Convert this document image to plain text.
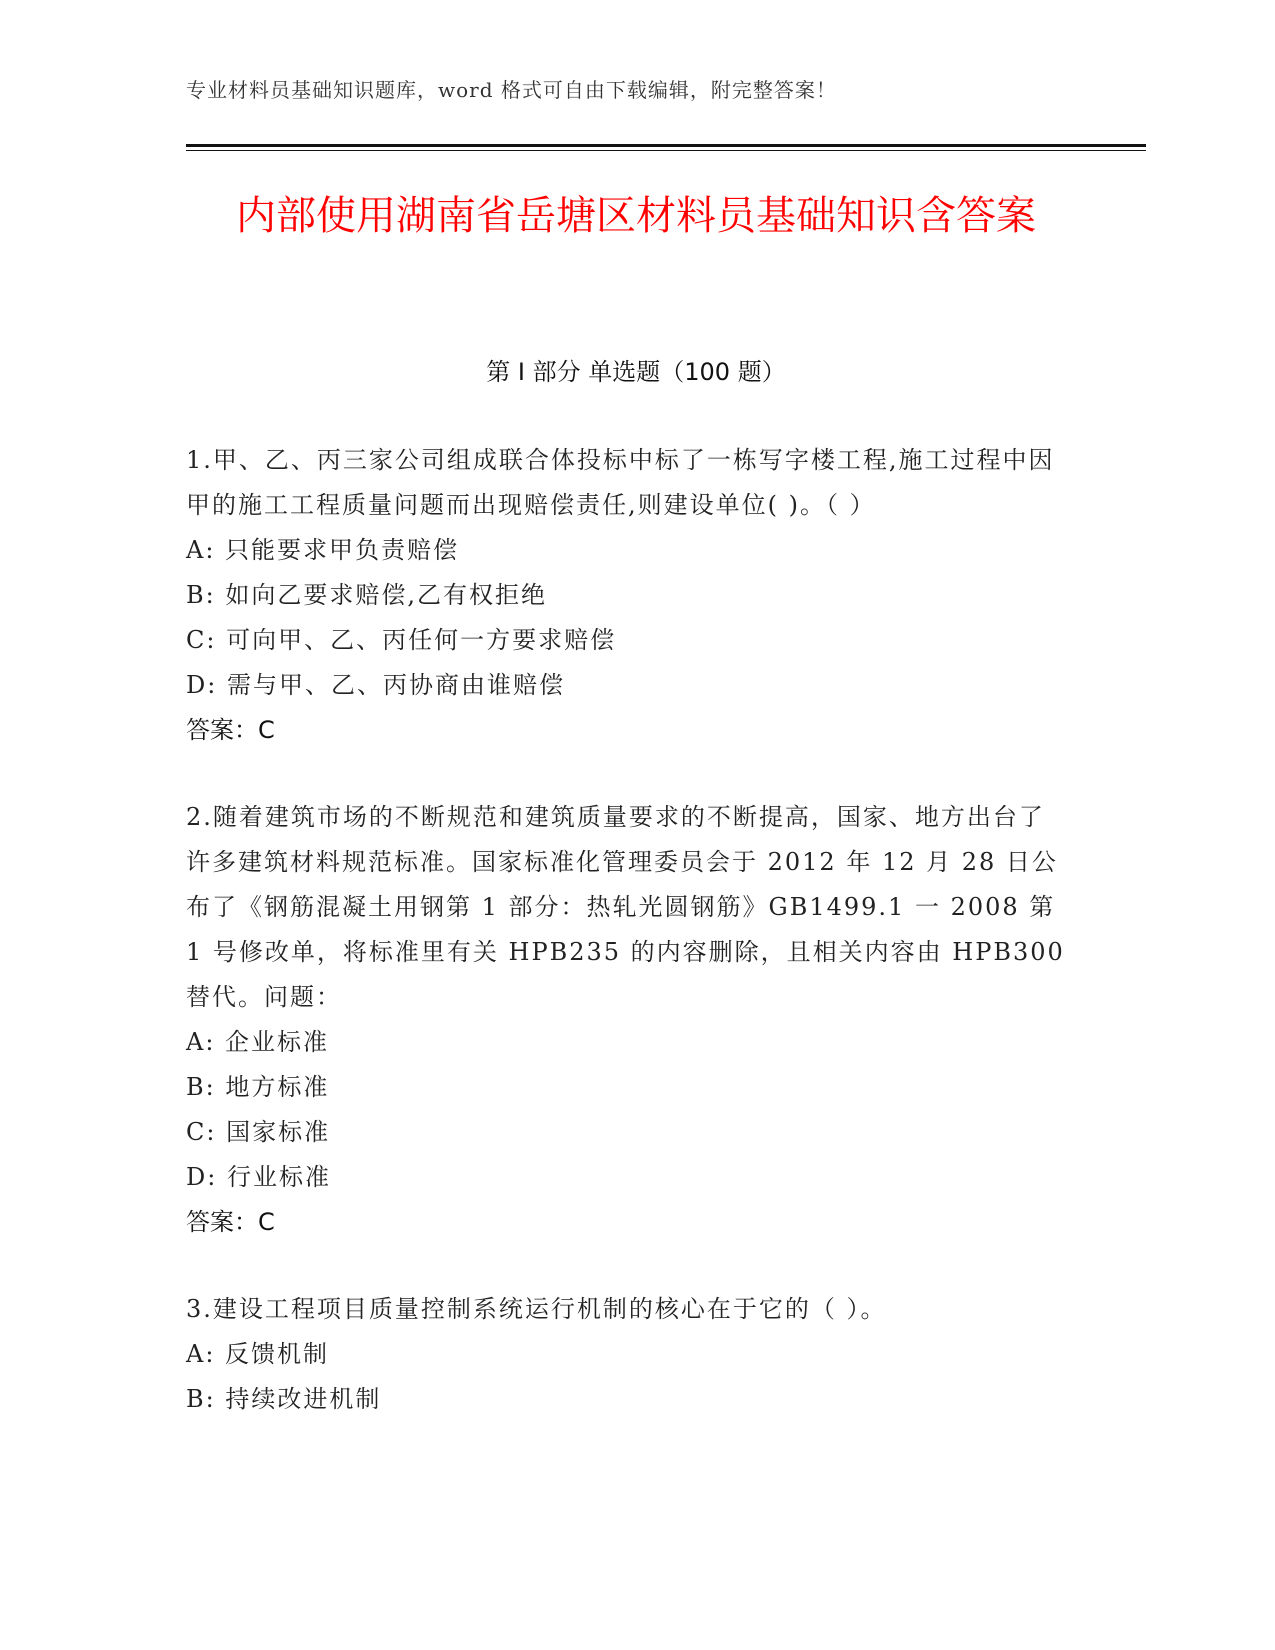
专业材料员基础知识题库，word 格式可自由下载编辑，附完整答案！
内部使用湖南省岳塘区材料员基础知识含答案
第 I 部分 单选题（100 题）
1.甲、乙、丙三家公司组成联合体投标中标了一栋写字楼工程,施工过程中因甲的施工工程质量问题而出现赔偿责任,则建设单位( )。（ ）
A: 只能要求甲负责赔偿
B: 如向乙要求赔偿,乙有权拒绝
C: 可向甲、乙、丙任何一方要求赔偿
D: 需与甲、乙、丙协商由谁赔偿
答案：C
2.随着建筑市场的不断规范和建筑质量要求的不断提高，国家、地方出台了许多建筑材料规范标准。国家标准化管理委员会于 2012 年 12 月 28 日公布了《钢筋混凝土用钢第 1 部分：热轧光圆钢筋》GB1499.1 一 2008 第 1 号修改单，将标准里有关 HPB235 的内容删除，且相关内容由 HPB300 替代。问题：
A: 企业标准
B: 地方标准
C: 国家标准
D: 行业标准
答案：C
3.建设工程项目质量控制系统运行机制的核心在于它的（ ）。
A: 反馈机制
B: 持续改进机制
